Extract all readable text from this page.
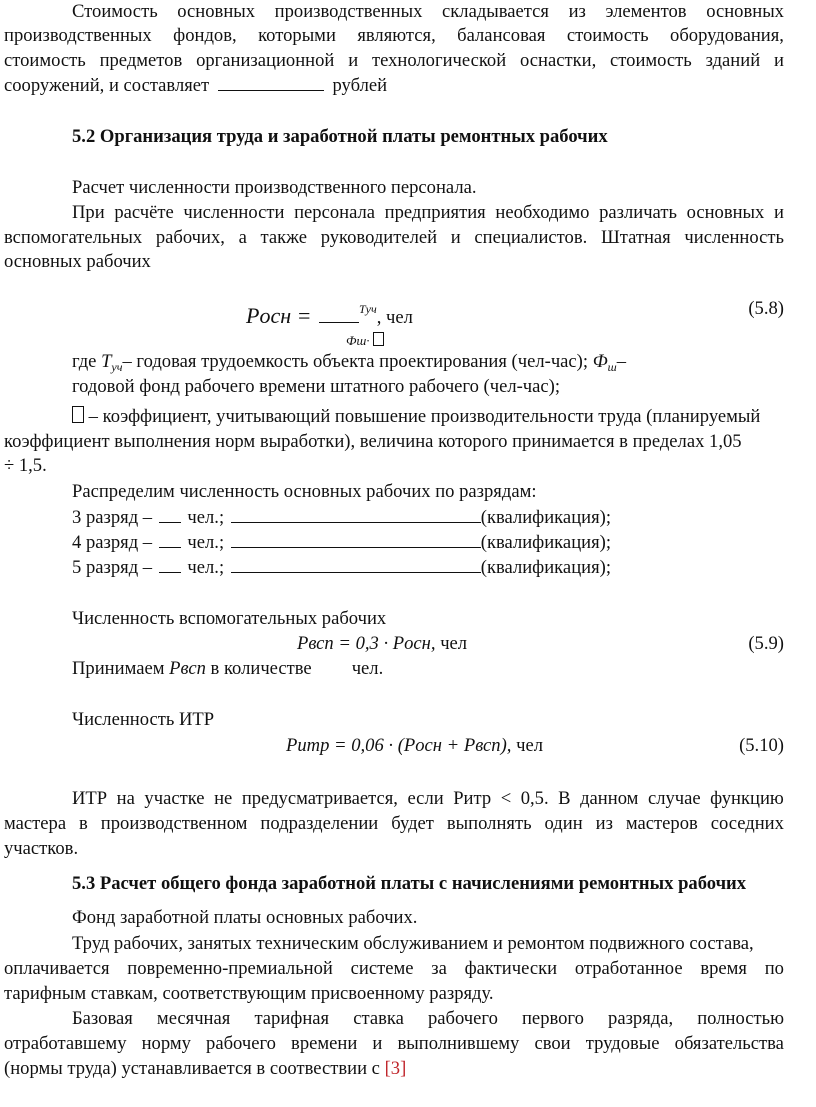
Стоимость основных производственных складывается из элементов основных
производственных фондов, которыми являются, балансовая стоимость оборудования,
стоимость предметов организационной и технологической оснастки, стоимость зданий и
сооружений, и составляет	рублей
5.2 Организация труда и заработной платы ремонтных рабочих
Расчет численности производственного персонала.
При расчёте численности персонала предприятия необходимо различать основных и
вспомогательных рабочих, а также руководителей и специалистов. Штатная численность
основных рабочих
Pосн =	$^{Tуч}$, чел
Фш·
(5.8)
где $T_{уч}-$ годовая трудоемкость объекта проектирования (чел-час); $Ф_ш-$
годовой фонд рабочего времени штатного рабочего (чел-час);
– коэффициент, учитывающий повышение производительности труда (планируемый
коэффициент выполнения норм выработки), величина которого принимается в пределах 1,05
÷ 1,5.
Распределим численность основных рабочих по разрядам:
3 разряд – чел.;	(квалификация);
4 разряд – чел.;	(квалификация);
5 разряд – чел.;	(квалификация);
Численность вспомогательных рабочих
Pвсп = 0,3 · Pосн, чел	(5.9)
Принимаем Pвсп в количестве чел.
Численность ИТР
Pитр = 0,06 · (Pосн + Pвсп), чел	(5.10)
ИТР на участке не предусматривается, если Ритр < 0,5. В данном случае функцию
мастера в производственном подразделении будет выполнять один из мастеров соседних
участков.
5.3 Расчет общего фонда заработной платы с начислениями ремонтных рабочих
Фонд заработной платы основных рабочих.
Труд рабочих, занятых техническим обслуживанием и ремонтом подвижного состава,
оплачивается повременно-премиальной системе за фактически отработанное время по
тарифным ставкам, соответствующим присвоенному разряду.
Базовая месячная тарифная ставка рабочего первого разряда, полностью
отработавшему норму рабочего времени и выполнившему свои трудовые обязательства
(нормы труда) устанавливается в соотвествии с [3]
